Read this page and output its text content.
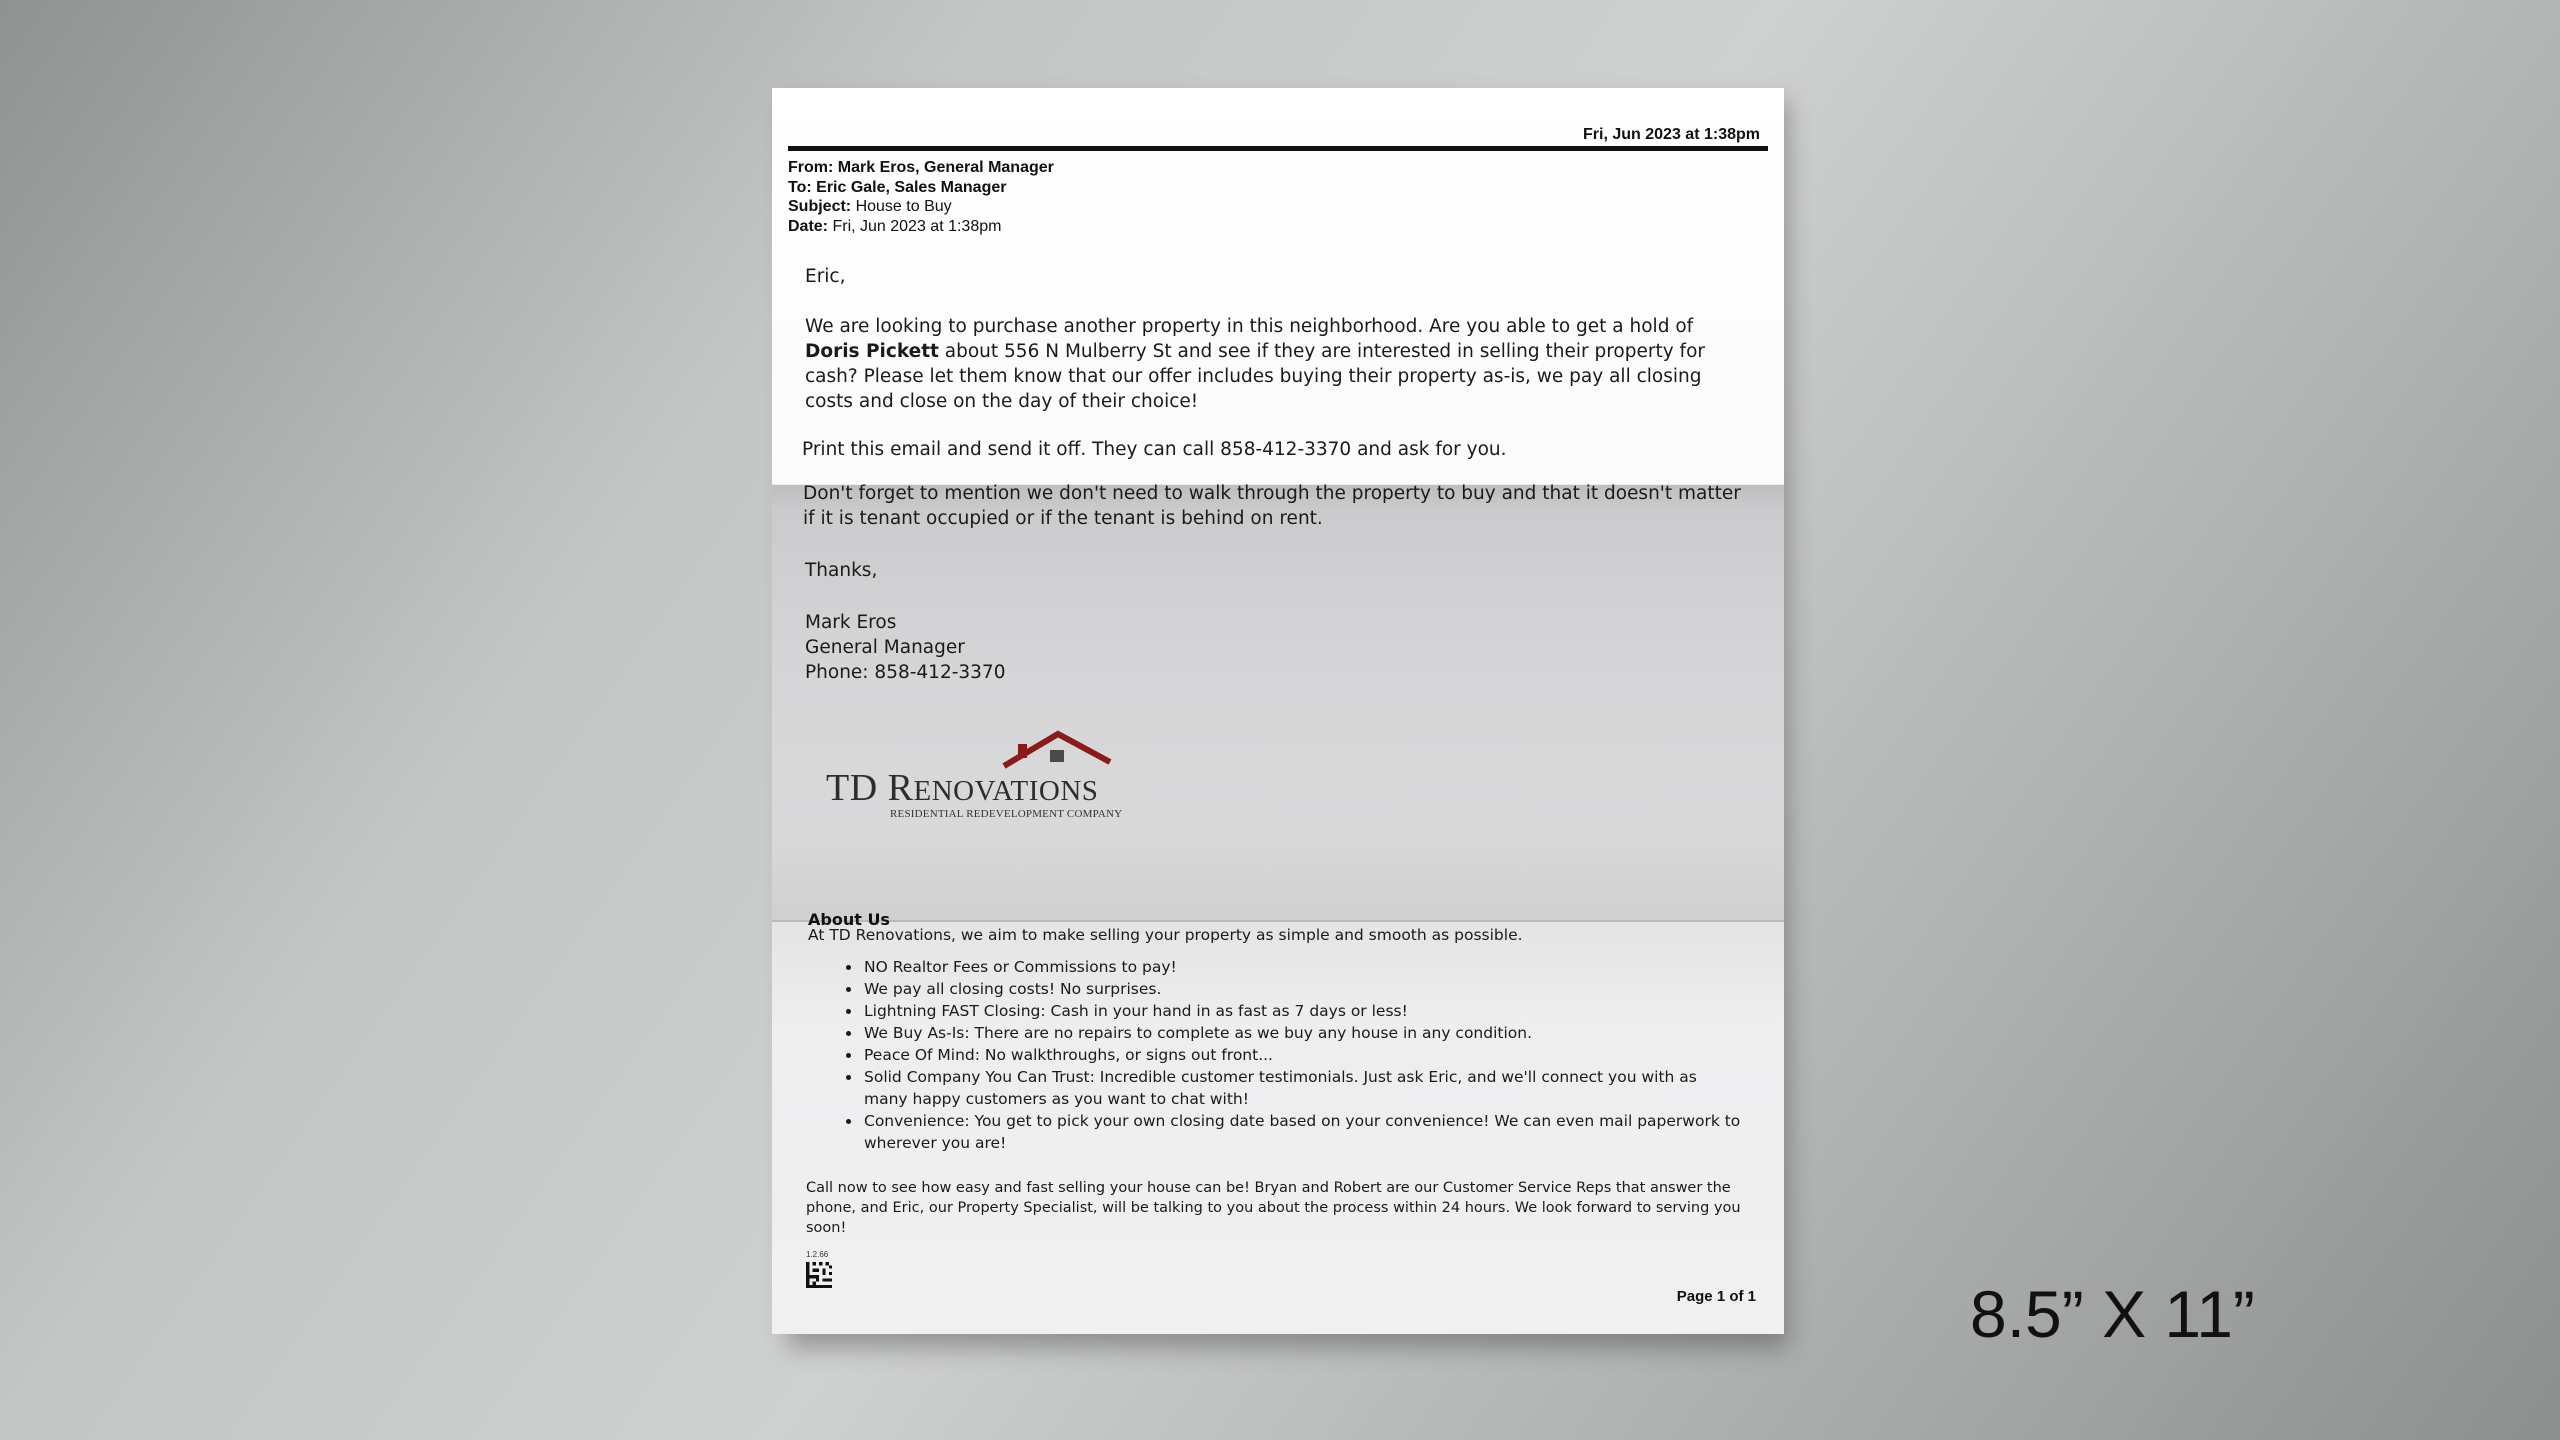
Fri, Jun 2023 at 1:38pm
From: Mark Eros, General Manager
To: Eric Gale, Sales Manager
Subject: House to Buy
Date: Fri, Jun 2023 at 1:38pm
Eric,
We are looking to purchase another property in this neighborhood. Are you able to get a hold of Doris Pickett about 556 N Mulberry St and see if they are interested in selling their property for cash? Please let them know that our offer includes buying their property as-is, we pay all closing costs and close on the day of their choice!
Print this email and send it off. They can call 858-412-3370 and ask for you.
Don't forget to mention we don't need to walk through the property to buy and that it doesn't matter if it is tenant occupied or if the tenant is behind on rent.
Thanks,
Mark Eros
General Manager
Phone: 858-412-3370
TD RENOVATIONS
RESIDENTIAL REDEVELOPMENT COMPANY
About Us
At TD Renovations, we aim to make selling your property as simple and smooth as possible.
• NO Realtor Fees or Commissions to pay!
• We pay all closing costs! No surprises.
• Lightning FAST Closing: Cash in your hand in as fast as 7 days or less!
• We Buy As-Is: There are no repairs to complete as we buy any house in any condition.
• Peace Of Mind: No walkthroughs, or signs out front...
• Solid Company You Can Trust: Incredible customer testimonials. Just ask Eric, and we'll connect you with as many happy customers as you want to chat with!
• Convenience: You get to pick your own closing date based on your convenience! We can even mail paperwork to wherever you are!
Call now to see how easy and fast selling your house can be! Bryan and Robert are our Customer Service Reps that answer the phone, and Eric, our Property Specialist, will be talking to you about the process within 24 hours. We look forward to serving you soon!
1.2.66
Page 1 of 1	8.5” X 11”
